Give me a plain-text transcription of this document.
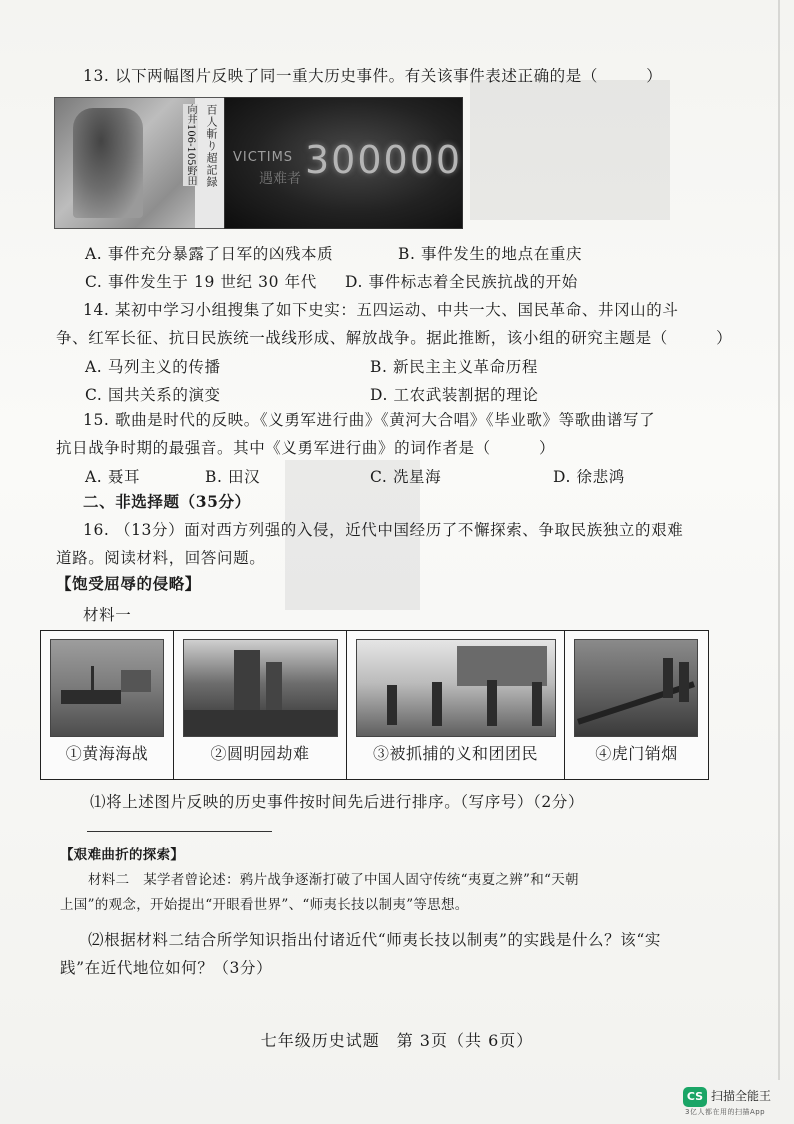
13. 以下两幅图片反映了同一重大历史事件。有关该事件表述正确的是（　　　）
百人斬り超記録
向井106-105野田	VICTIMS 300000
遇难者
A. 事件充分暴露了日军的凶残本质	B. 事件发生的地点在重庆
C. 事件发生于 19 世纪 30 年代 D. 事件标志着全民族抗战的开始
14. 某初中学习小组搜集了如下史实：五四运动、中共一大、国民革命、井冈山的斗
争、红军长征、抗日民族统一战线形成、解放战争。据此推断，该小组的研究主题是（　　　）
A. 马列主义的传播	B. 新民主主义革命历程
C. 国共关系的演变	D. 工农武装割据的理论
15. 歌曲是时代的反映。《义勇军进行曲》《黄河大合唱》《毕业歌》等歌曲谱写了
抗日战争时期的最强音。其中《义勇军进行曲》的词作者是（　　　）
A. 聂耳	B. 田汉	C. 冼星海	D. 徐悲鸿
二、非选择题（35分）
16. （13分）面对西方列强的入侵，近代中国经历了不懈探索、争取民族独立的艰难
道路。阅读材料，回答问题。
【饱受屈辱的侵略】
材料一
①黄海海战	②圆明园劫难	③被抓捕的义和团团民	④虎门销烟
⑴将上述图片反映的历史事件按时间先后进行排序。（写序号）（2分）
【艰难曲折的探索】
材料二　某学者曾论述：鸦片战争逐渐打破了中国人固守传统“夷夏之辨”和“天朝
上国”的观念，开始提出“开眼看世界”、“师夷长技以制夷”等思想。
⑵根据材料二结合所学知识指出付诸近代“师夷长技以制夷”的实践是什么？该“实
践”在近代地位如何？（3分）
七年级历史试题　第 3页（共 6页）
CS 扫描全能王
3亿人都在用的扫描App
